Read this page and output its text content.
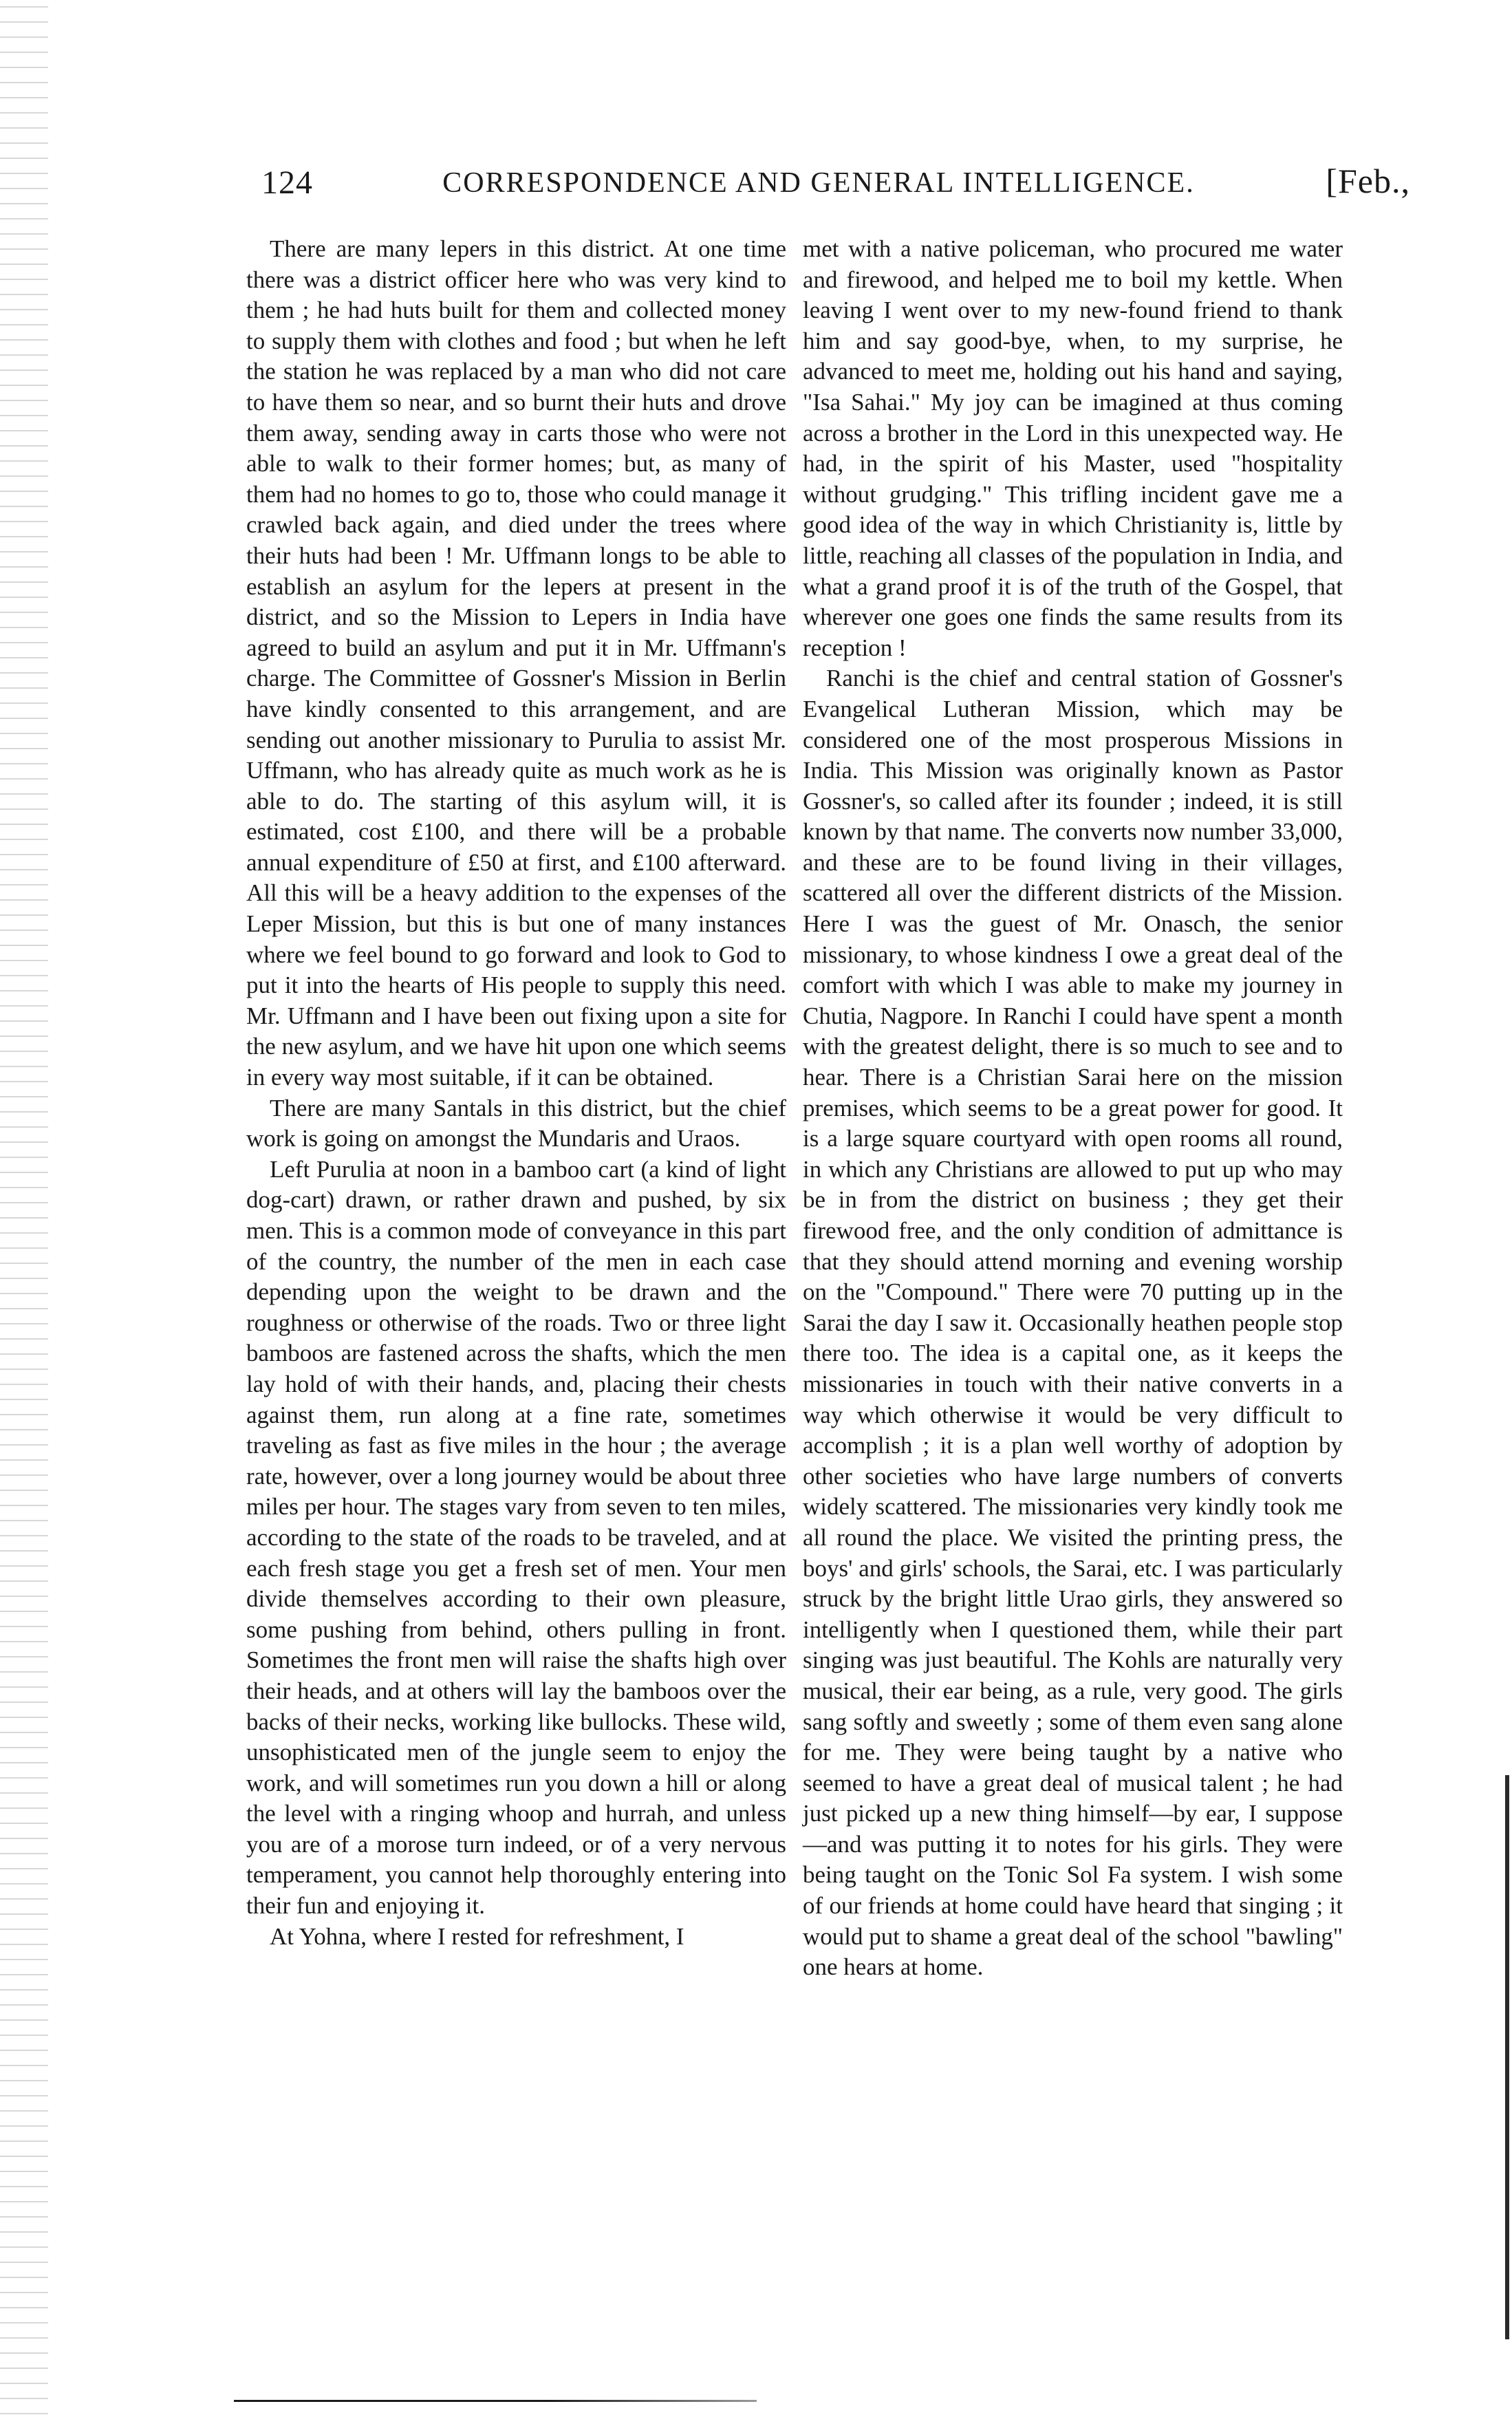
124	CORRESPONDENCE AND GENERAL INTELLIGENCE.	[Feb.,

There are many lepers in this district. At one time there was a district officer here who was very kind to them ; he had huts built for them and collected money to supply them with clothes and food ; but when he left the station he was replaced by a man who did not care to have them so near, and so burnt their huts and drove them away, sending away in carts those who were not able to walk to their former homes; but, as many of them had no homes to go to, those who could manage it crawled back again, and died under the trees where their huts had been ! Mr. Uffmann longs to be able to establish an asylum for the lepers at present in the district, and so the Mission to Lepers in India have agreed to build an asylum and put it in Mr. Uffmann's charge. The Committee of Gossner's Mission in Berlin have kindly consented to this arrangement, and are sending out another missionary to Purulia to assist Mr. Uffmann, who has already quite as much work as he is able to do. The starting of this asylum will, it is estimated, cost £100, and there will be a probable annual expenditure of £50 at first, and £100 afterward. All this will be a heavy addition to the expenses of the Leper Mission, but this is but one of many instances where we feel bound to go forward and look to God to put it into the hearts of His people to supply this need. Mr. Uffmann and I have been out fixing upon a site for the new asylum, and we have hit upon one which seems in every way most suitable, if it can be obtained.

There are many Santals in this district, but the chief work is going on amongst the Mundaris and Uraos.

Left Purulia at noon in a bamboo cart (a kind of light dog-cart) drawn, or rather drawn and pushed, by six men. This is a common mode of conveyance in this part of the country, the number of the men in each case depending upon the weight to be drawn and the roughness or otherwise of the roads. Two or three light bamboos are fastened across the shafts, which the men lay hold of with their hands, and, placing their chests against them, run along at a fine rate, sometimes traveling as fast as five miles in the hour ; the average rate, however, over a long journey would be about three miles per hour. The stages vary from seven to ten miles, according to the state of the roads to be traveled, and at each fresh stage you get a fresh set of men. Your men divide themselves according to their own pleasure, some pushing from behind, others pulling in front. Sometimes the front men will raise the shafts high over their heads, and at others will lay the bamboos over the backs of their necks, working like bullocks. These wild, unsophisticated men of the jungle seem to enjoy the work, and will sometimes run you down a hill or along the level with a ringing whoop and hurrah, and unless you are of a morose turn indeed, or of a very nervous temperament, you cannot help thoroughly entering into their fun and enjoying it.

At Yohna, where I rested for refreshment, I

met with a native policeman, who procured me water and firewood, and helped me to boil my kettle. When leaving I went over to my new-found friend to thank him and say good-bye, when, to my surprise, he advanced to meet me, holding out his hand and saying, "Isa Sahai." My joy can be imagined at thus coming across a brother in the Lord in this unexpected way. He had, in the spirit of his Master, used "hospitality without grudging." This trifling incident gave me a good idea of the way in which Christianity is, little by little, reaching all classes of the population in India, and what a grand proof it is of the truth of the Gospel, that wherever one goes one finds the same results from its reception !

Ranchi is the chief and central station of Gossner's Evangelical Lutheran Mission, which may be considered one of the most prosperous Missions in India. This Mission was originally known as Pastor Gossner's, so called after its founder ; indeed, it is still known by that name. The converts now number 33,000, and these are to be found living in their villages, scattered all over the different districts of the Mission. Here I was the guest of Mr. Onasch, the senior missionary, to whose kindness I owe a great deal of the comfort with which I was able to make my journey in Chutia, Nagpore. In Ranchi I could have spent a month with the greatest delight, there is so much to see and to hear. There is a Christian Sarai here on the mission premises, which seems to be a great power for good. It is a large square courtyard with open rooms all round, in which any Christians are allowed to put up who may be in from the district on business ; they get their firewood free, and the only condition of admittance is that they should attend morning and evening worship on the "Compound." There were 70 putting up in the Sarai the day I saw it. Occasionally heathen people stop there too. The idea is a capital one, as it keeps the missionaries in touch with their native converts in a way which otherwise it would be very difficult to accomplish ; it is a plan well worthy of adoption by other societies who have large numbers of converts widely scattered. The missionaries very kindly took me all round the place. We visited the printing press, the boys' and girls' schools, the Sarai, etc. I was particularly struck by the bright little Urao girls, they answered so intelligently when I questioned them, while their part singing was just beautiful. The Kohls are naturally very musical, their ear being, as a rule, very good. The girls sang softly and sweetly ; some of them even sang alone for me. They were being taught by a native who seemed to have a great deal of musical talent ; he had just picked up a new thing himself—by ear, I suppose—and was putting it to notes for his girls. They were being taught on the Tonic Sol Fa system. I wish some of our friends at home could have heard that singing ; it would put to shame a great deal of the school "bawling" one hears at home.
